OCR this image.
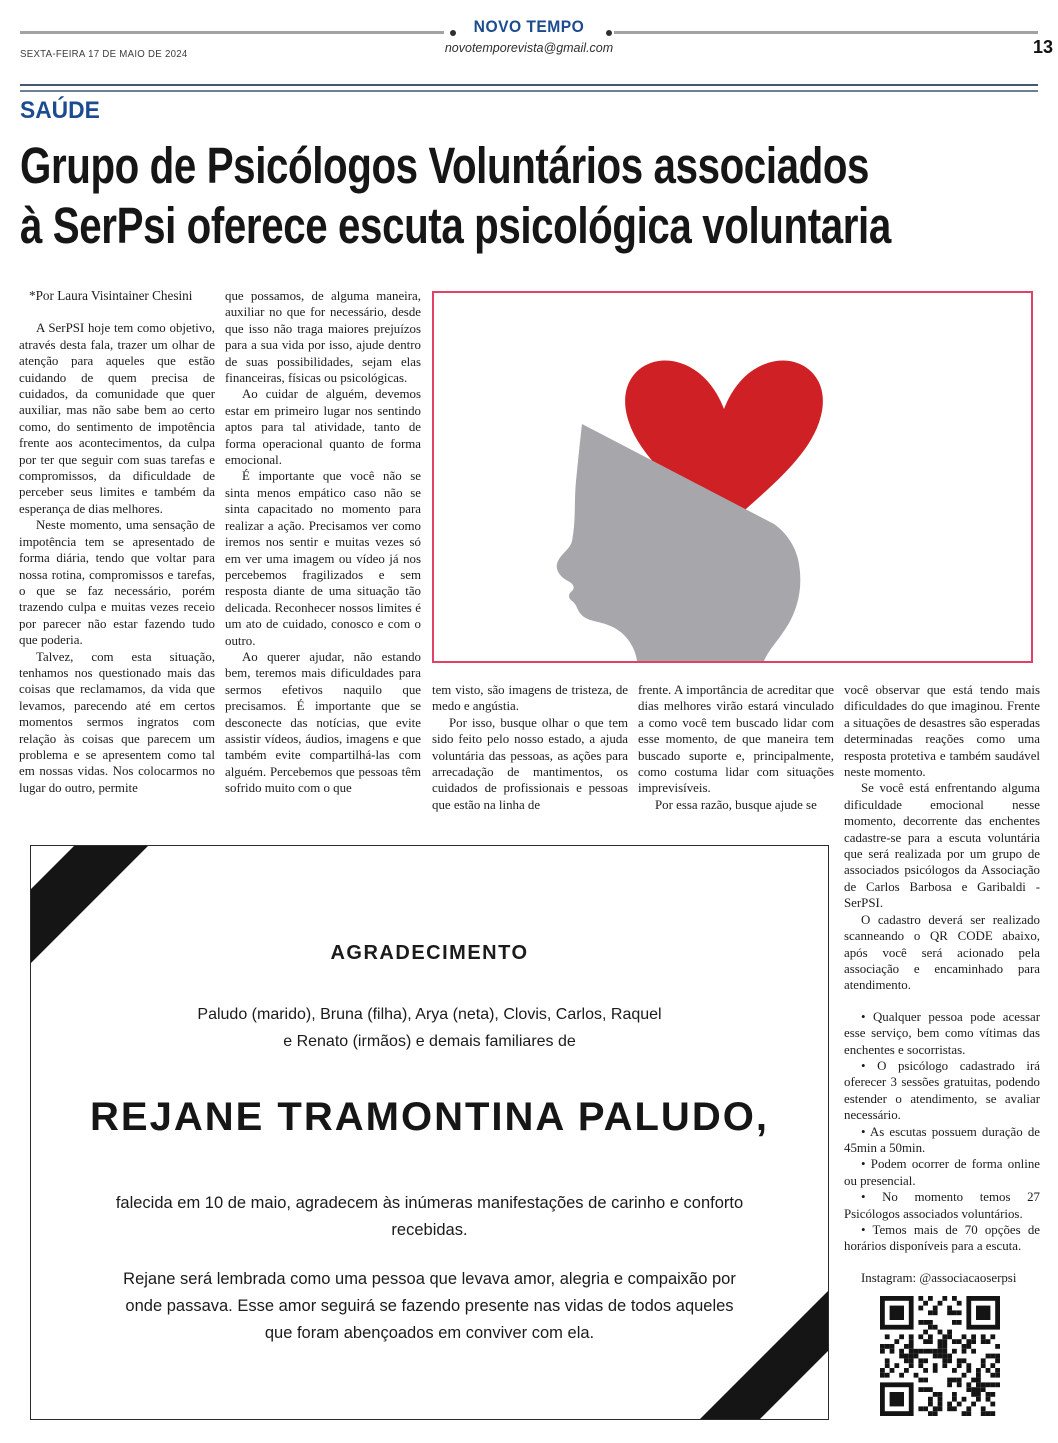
NOVO TEMPO
novotemporevista@gmail.com
SEXTA-FEIRA 17 DE MAIO DE 2024	13
SAÚDE
Grupo de Psicólogos Voluntários associados
à SerPsi oferece escuta psicológica voluntaria

*Por Laura Visintainer Chesini

A SerPSI hoje tem como objetivo, através desta fala, trazer um olhar de atenção para aqueles que estão cuidando de quem precisa de cuidados, da comunidade que quer auxiliar, mas não sabe bem ao certo como, do sentimento de impotência frente aos acontecimentos, da culpa por ter que seguir com suas tarefas e compromissos, da dificuldade de perceber seus limites e também da esperança de dias melhores.

Neste momento, uma sensação de impotência tem se apresentado de forma diária, tendo que voltar para nossa rotina, compromissos e tarefas, o que se faz necessário, porém trazendo culpa e muitas vezes receio por parecer não estar fazendo tudo que poderia.

Talvez, com esta situação, tenhamos nos questionado mais das coisas que reclamamos, da vida que levamos, parecendo até em certos momentos sermos ingratos com relação às coisas que parecem um problema e se apresentem como tal em nossas vidas. Nos colocarmos no lugar do outro, permite

que possamos, de alguma maneira, auxiliar no que for necessário, desde que isso não traga maiores prejuízos para a sua vida por isso, ajude dentro de suas possibilidades, sejam elas financeiras, físicas ou psicológicas.

Ao cuidar de alguém, devemos estar em primeiro lugar nos sentindo aptos para tal atividade, tanto de forma operacional quanto de forma emocional.

É importante que você não se sinta menos empático caso não se sinta capacitado no momento para realizar a ação. Precisamos ver como iremos nos sentir e muitas vezes só em ver uma imagem ou vídeo já nos percebemos fragilizados e sem resposta diante de uma situação tão delicada. Reconhecer nossos limites é um ato de cuidado, conosco e com o outro.

Ao querer ajudar, não estando bem, teremos mais dificuldades para sermos efetivos naquilo que precisamos. É importante que se desconecte das notícias, que evite assistir vídeos, áudios, imagens e que também evite compartilhá-las com alguém. Percebemos que pessoas têm sofrido muito com o que

tem visto, são imagens de tristeza, de medo e angústia.

Por isso, busque olhar o que tem sido feito pelo nosso estado, a ajuda voluntária das pessoas, as ações para arrecadação de mantimentos, os cuidados de profissionais e pessoas que estão na linha de

frente. A importância de acreditar que dias melhores virão estará vinculado a como você tem buscado lidar com esse momento, de que maneira tem buscado suporte e, principalmente, como costuma lidar com situações imprevisíveis.

Por essa razão, busque ajude se

você observar que está tendo mais dificuldades do que imaginou. Frente a situações de desastres são esperadas determinadas reações como uma resposta protetiva e também saudável neste momento.

Se você está enfrentando alguma dificuldade emocional nesse momento, decorrente das enchentes cadastre-se para a escuta voluntária que será realizada por um grupo de associados psicólogos da Associação de Carlos Barbosa e Garibaldi - SerPSI.

O cadastro deverá ser realizado scanneando o QR CODE abaixo, após você será acionado pela associação e encaminhado para atendimento.

• Qualquer pessoa pode acessar esse serviço, bem como vítimas das enchentes e socorristas.

• O psicólogo cadastrado irá oferecer 3 sessões gratuitas, podendo estender o atendimento, se avaliar necessário.

• As escutas possuem duração de 45min a 50min.

• Podem ocorrer de forma online ou presencial.

• No momento temos 27 Psicólogos associados voluntários.

• Temos mais de 70 opções de horários disponíveis para a escuta.

Instagram: @associacaoserpsi

AGRADECIMENTO
Paludo (marido), Bruna (filha), Arya (neta), Clovis, Carlos, Raquel e Renato (irmãos) e demais familiares de
REJANE TRAMONTINA PALUDO,
falecida em 10 de maio, agradecem às inúmeras manifestações de carinho e conforto recebidas.
Rejane será lembrada como uma pessoa que levava amor, alegria e compaixão por onde passava. Esse amor seguirá se fazendo presente nas vidas de todos aqueles que foram abençoados em conviver com ela.
